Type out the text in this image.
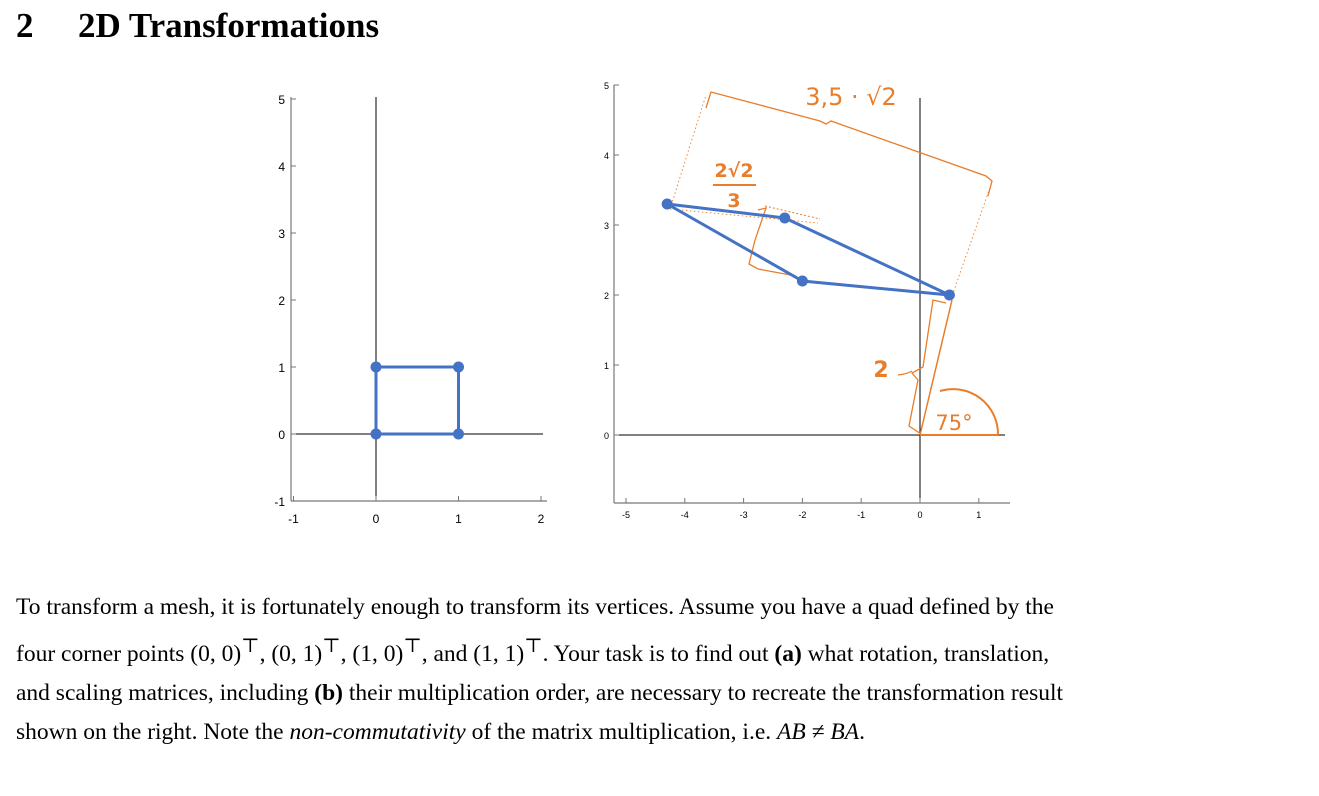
2 2D Transformations
5
4
3
2
1
0
-1
-1	0	1	2
5
4
3
2
1
0
-5	-4	-3	-2	-1	0	1
3,5 · √2
2√2
3
2
75°

To transform a mesh, it is fortunately enough to transform its vertices. Assume you have a quad defined by the

four corner points (0, 0)⊤, (0, 1)⊤, (1, 0)⊤, and (1, 1)⊤. Your task is to find out (a) what rotation, translation,

and scaling matrices, including (b) their multiplication order, are necessary to recreate the transformation result

shown on the right. Note the non-commutativity of the matrix multiplication, i.e. AB ≠ BA.
